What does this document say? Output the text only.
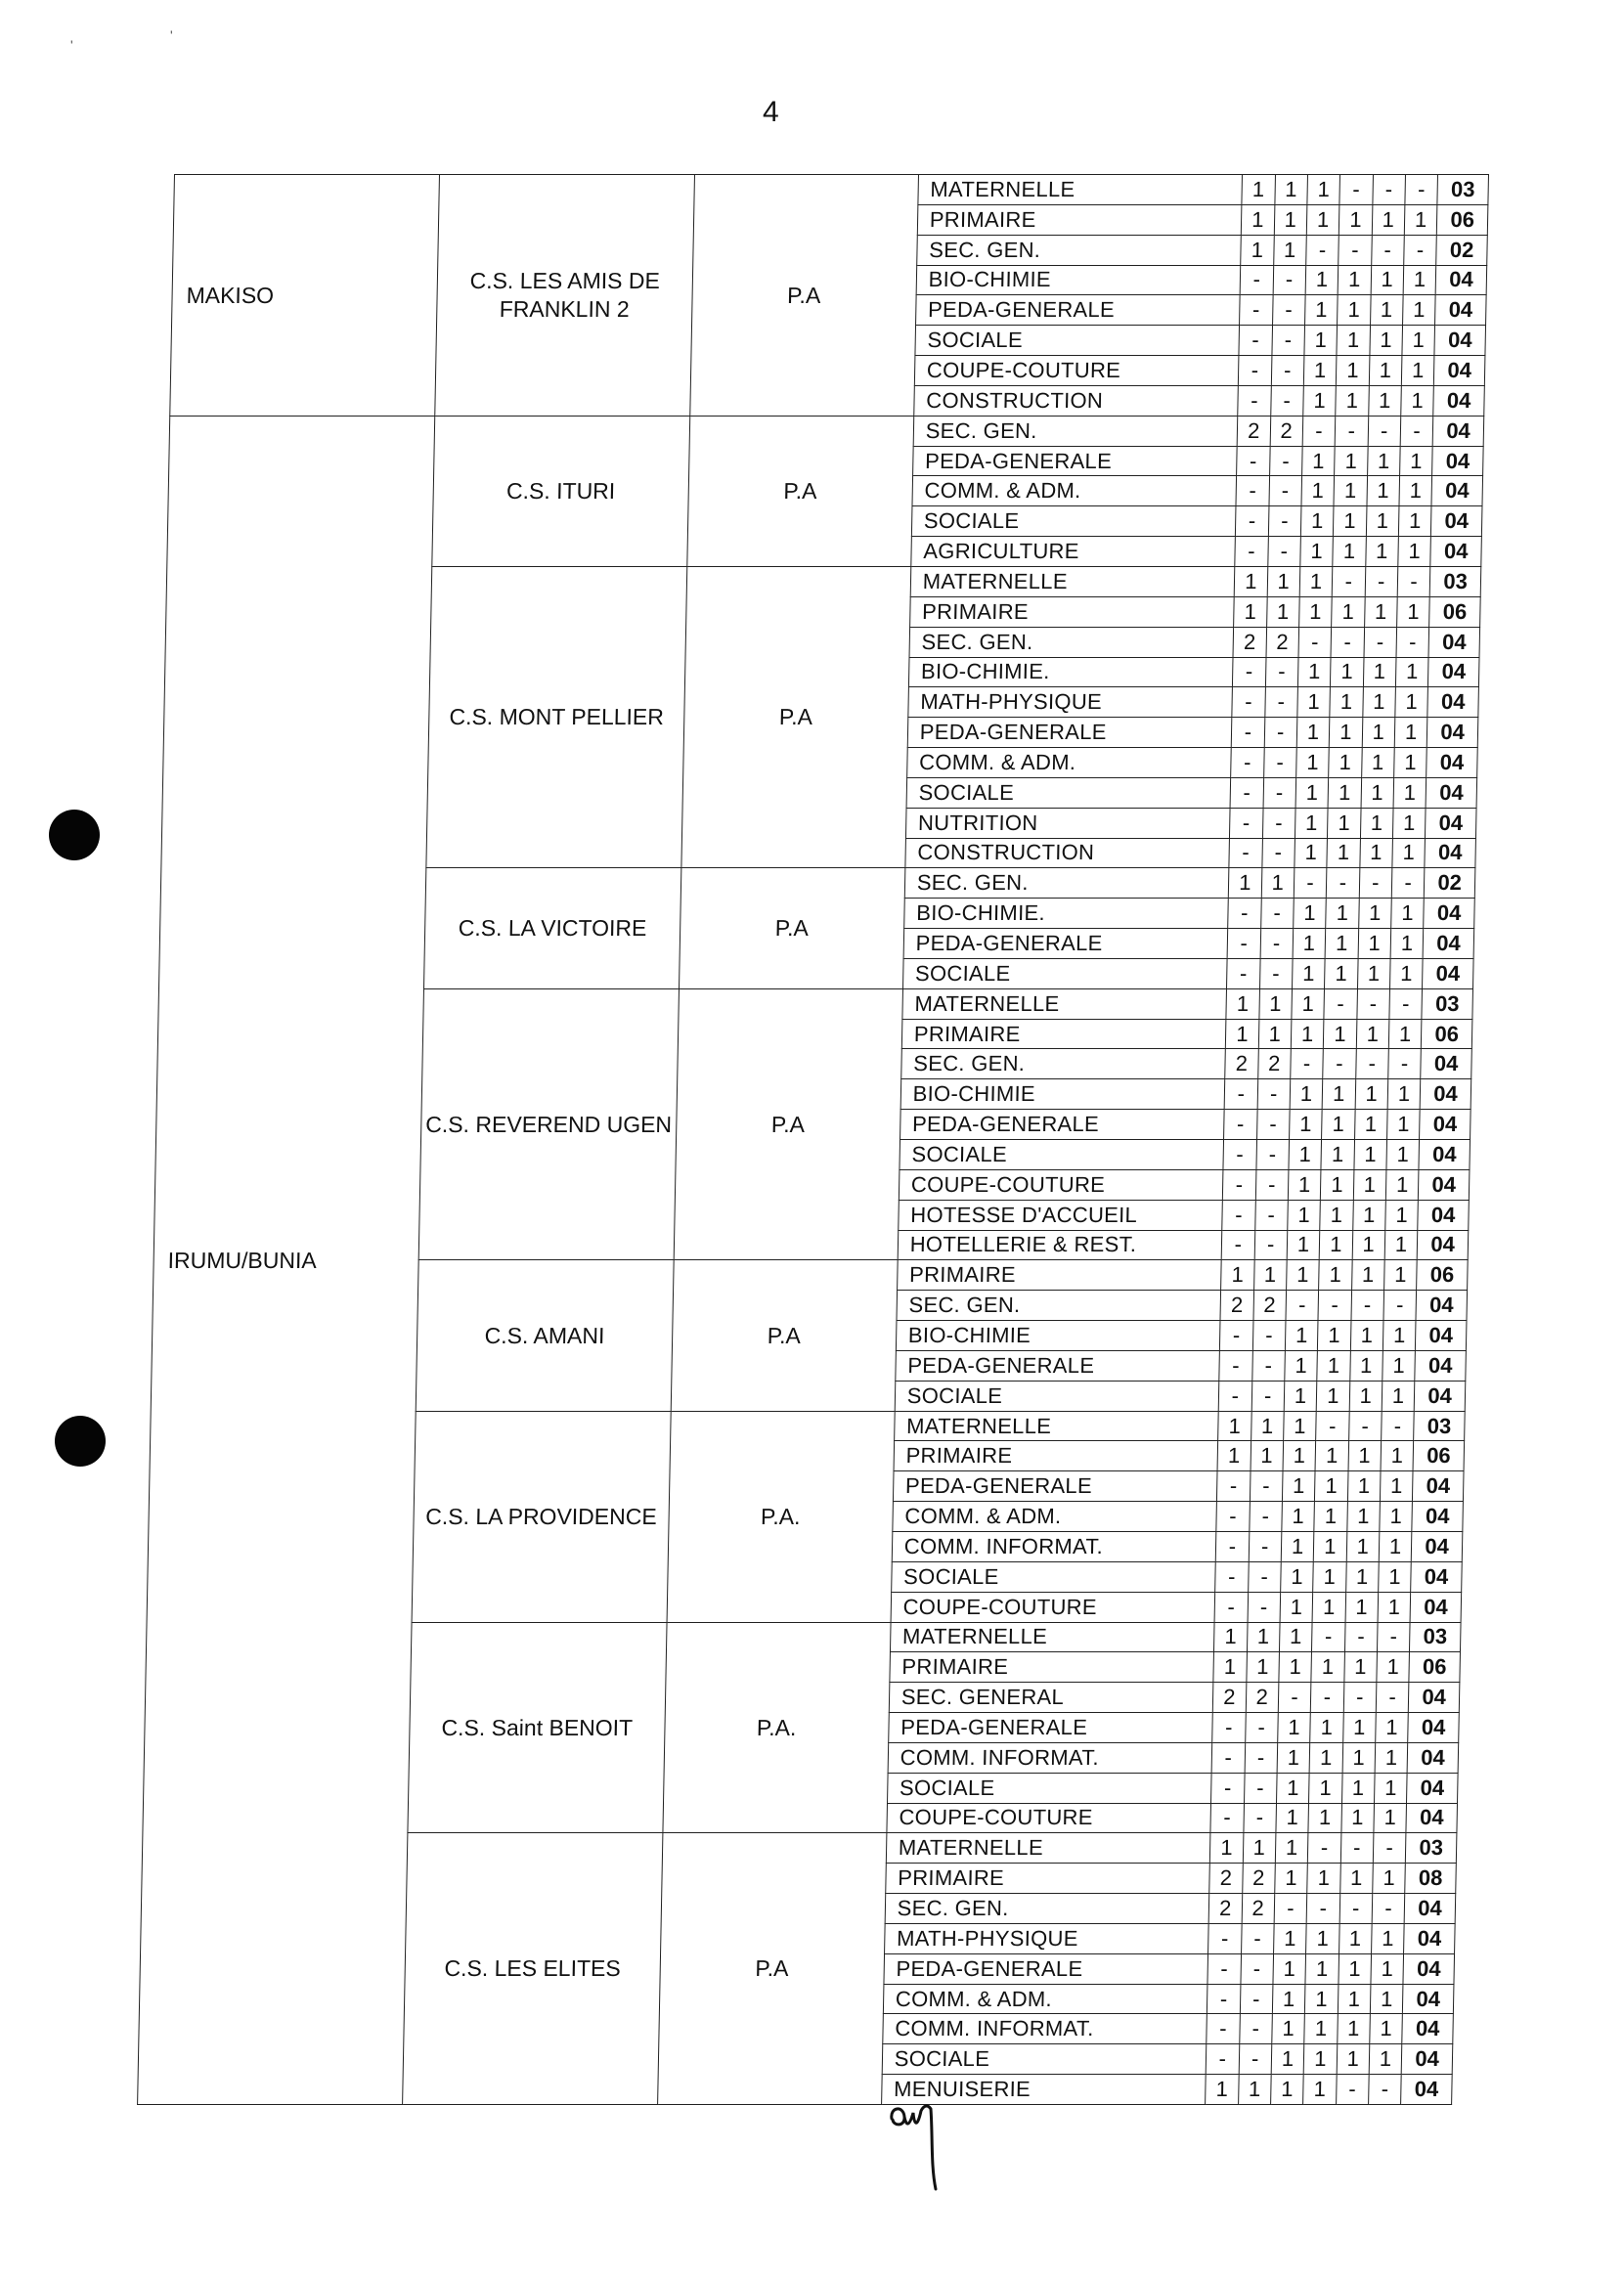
4
'
'
MAKISO	C.S. LES AMIS DE FRANKLIN 2	P.A	MATERNELLE	1	1	1	-	-	-	03
			PRIMAIRE	1	1	1	1	1	1	06
			SEC. GEN.	1	1	-	-	-	-	02
			BIO-CHIMIE	-	-	1	1	1	1	04
			PEDA-GENERALE	-	-	1	1	1	1	04
			SOCIALE	-	-	1	1	1	1	04
			COUPE-COUTURE	-	-	1	1	1	1	04
			CONSTRUCTION	-	-	1	1	1	1	04
IRUMU/BUNIA	C.S. ITURI	P.A	SEC. GEN.	2	2	-	-	-	-	04
			PEDA-GENERALE	-	-	1	1	1	1	04
			COMM. & ADM.	-	-	1	1	1	1	04
			SOCIALE	-	-	1	1	1	1	04
			AGRICULTURE	-	-	1	1	1	1	04
	C.S. MONT PELLIER	P.A	MATERNELLE	1	1	1	-	-	-	03
			PRIMAIRE	1	1	1	1	1	1	06
			SEC. GEN.	2	2	-	-	-	-	04
			BIO-CHIMIE.	-	-	1	1	1	1	04
			MATH-PHYSIQUE	-	-	1	1	1	1	04
			PEDA-GENERALE	-	-	1	1	1	1	04
			COMM. & ADM.	-	-	1	1	1	1	04
			SOCIALE	-	-	1	1	1	1	04
			NUTRITION	-	-	1	1	1	1	04
			CONSTRUCTION	-	-	1	1	1	1	04
	C.S. LA VICTOIRE	P.A	SEC. GEN.	1	1	-	-	-	-	02
			BIO-CHIMIE.	-	-	1	1	1	1	04
			PEDA-GENERALE	-	-	1	1	1	1	04
			SOCIALE	-	-	1	1	1	1	04
	C.S. REVEREND UGEN	P.A	MATERNELLE	1	1	1	-	-	-	03
			PRIMAIRE	1	1	1	1	1	1	06
			SEC. GEN.	2	2	-	-	-	-	04
			BIO-CHIMIE	-	-	1	1	1	1	04
			PEDA-GENERALE	-	-	1	1	1	1	04
			SOCIALE	-	-	1	1	1	1	04
			COUPE-COUTURE	-	-	1	1	1	1	04
			HOTESSE D'ACCUEIL	-	-	1	1	1	1	04
			HOTELLERIE & REST.	-	-	1	1	1	1	04
	C.S. AMANI	P.A	PRIMAIRE	1	1	1	1	1	1	06
			SEC. GEN.	2	2	-	-	-	-	04
			BIO-CHIMIE	-	-	1	1	1	1	04
			PEDA-GENERALE	-	-	1	1	1	1	04
			SOCIALE	-	-	1	1	1	1	04
	C.S. LA PROVIDENCE	P.A.	MATERNELLE	1	1	1	-	-	-	03
			PRIMAIRE	1	1	1	1	1	1	06
			PEDA-GENERALE	-	-	1	1	1	1	04
			COMM. & ADM.	-	-	1	1	1	1	04
			COMM. INFORMAT.	-	-	1	1	1	1	04
			SOCIALE	-	-	1	1	1	1	04
			COUPE-COUTURE	-	-	1	1	1	1	04
	C.S. Saint BENOIT	P.A.	MATERNELLE	1	1	1	-	-	-	03
			PRIMAIRE	1	1	1	1	1	1	06
			SEC. GENERAL	2	2	-	-	-	-	04
			PEDA-GENERALE	-	-	1	1	1	1	04
			COMM. INFORMAT.	-	-	1	1	1	1	04
			SOCIALE	-	-	1	1	1	1	04
			COUPE-COUTURE	-	-	1	1	1	1	04
	C.S. LES ELITES	P.A	MATERNELLE	1	1	1	-	-	-	03
			PRIMAIRE	2	2	1	1	1	1	08
			SEC. GEN.	2	2	-	-	-	-	04
			MATH-PHYSIQUE	-	-	1	1	1	1	04
			PEDA-GENERALE	-	-	1	1	1	1	04
			COMM. & ADM.	-	-	1	1	1	1	04
			COMM. INFORMAT.	-	-	1	1	1	1	04
			SOCIALE	-	-	1	1	1	1	04
			MENUISERIE	1	1	1	1	-	-	04
